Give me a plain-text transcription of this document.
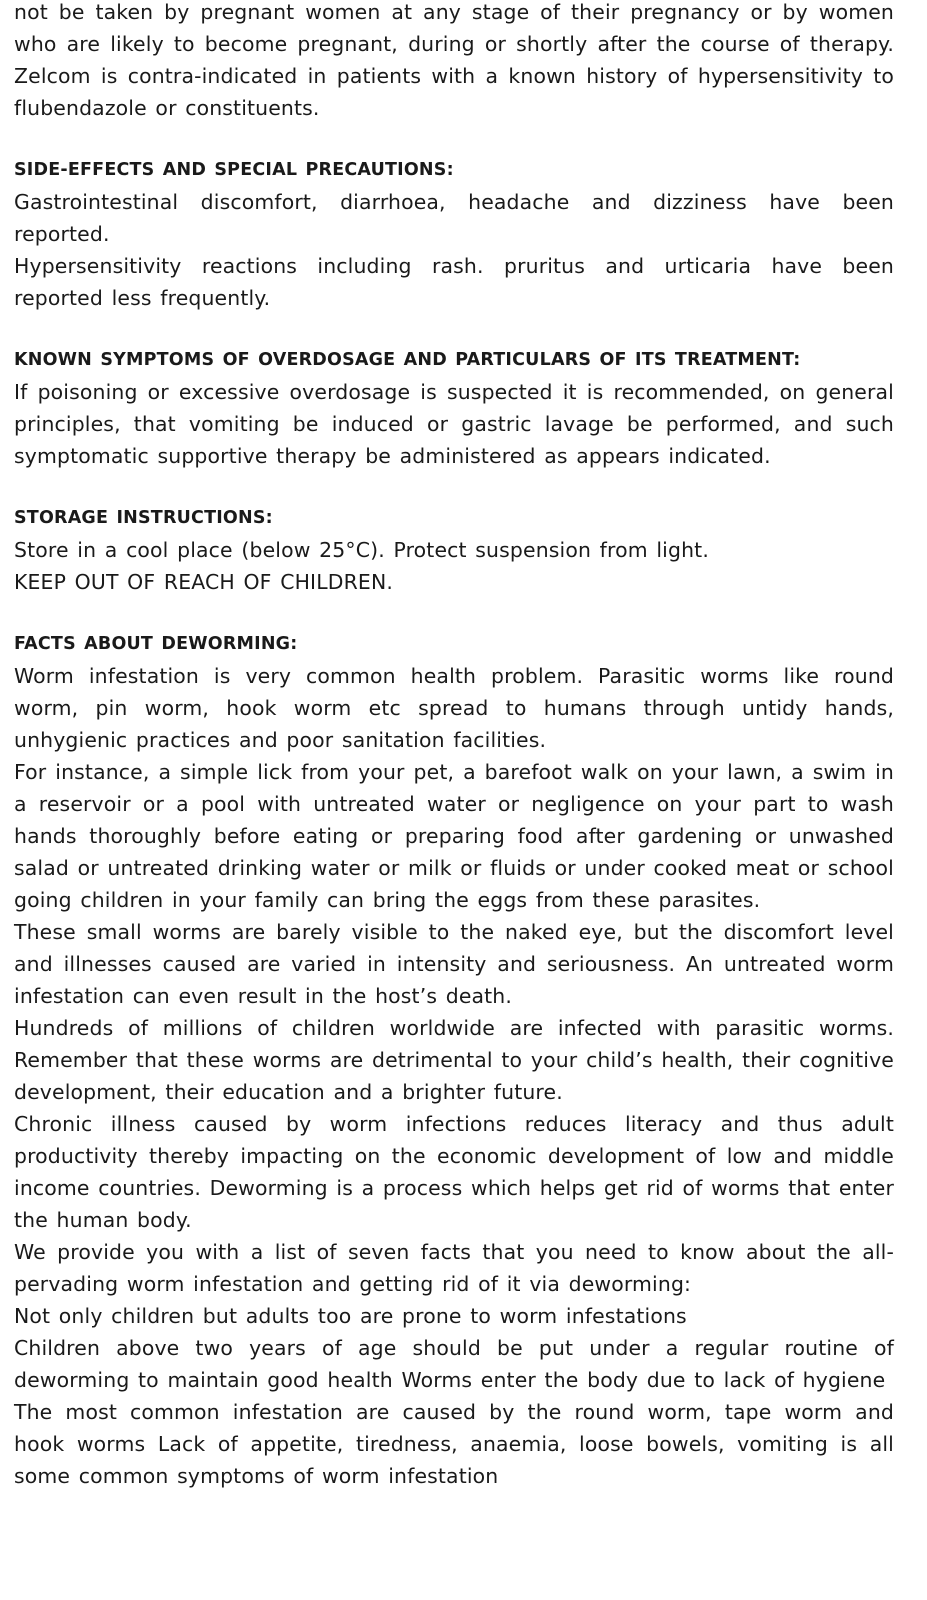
not be taken by pregnant women at any stage of their pregnancy or by women who are likely to become pregnant, during or shortly after the course of therapy. Zelcom is contra-indicated in patients with a known history of hypersensitivity to flubendazole or constituents.

SIDE-EFFECTS AND SPECIAL PRECAUTIONS:

Gastrointestinal discomfort, diarrhoea, headache and dizziness have been reported.

Hypersensitivity reactions including rash. pruritus and urticaria have been reported less frequently.

KNOWN SYMPTOMS OF OVERDOSAGE AND PARTICULARS OF ITS TREATMENT:

If poisoning or excessive overdosage is suspected it is recommended, on general principles, that vomiting be induced or gastric lavage be performed, and such symptomatic supportive therapy be administered as appears indicated.

STORAGE INSTRUCTIONS:

Store in a cool place (below 25°C). Protect suspension from light.

KEEP OUT OF REACH OF CHILDREN.

FACTS ABOUT DEWORMING:

Worm infestation is very common health problem. Parasitic worms like round worm, pin worm, hook worm etc spread to humans through untidy hands, unhygienic practices and poor sanitation facilities.

For instance, a simple lick from your pet, a barefoot walk on your lawn, a swim in a reservoir or a pool with untreated water or negligence on your part to wash hands thoroughly before eating or preparing food after gardening or unwashed salad or untreated drinking water or milk or fluids or under cooked meat or school going children in your family can bring the eggs from these parasites.

These small worms are barely visible to the naked eye, but the discomfort level and illnesses caused are varied in intensity and seriousness. An untreated worm infestation can even result in the host’s death.

Hundreds of millions of children worldwide are infected with parasitic worms. Remember that these worms are detrimental to your child’s health, their cognitive development, their education and a brighter future.

Chronic illness caused by worm infections reduces literacy and thus adult productivity thereby impacting on the economic development of low and middle income countries. Deworming is a process which helps get rid of worms that enter the human body.

We provide you with a list of seven facts that you need to know about the all-pervading worm infestation and getting rid of it via deworming:

Not only children but adults too are prone to worm infestations

Children above two years of age should be put under a regular routine of deworming to maintain good health Worms enter the body due to lack of hygiene

The most common infestation are caused by the round worm, tape worm and hook worms Lack of appetite, tiredness, anaemia, loose bowels, vomiting is all some common symptoms of worm infestation
